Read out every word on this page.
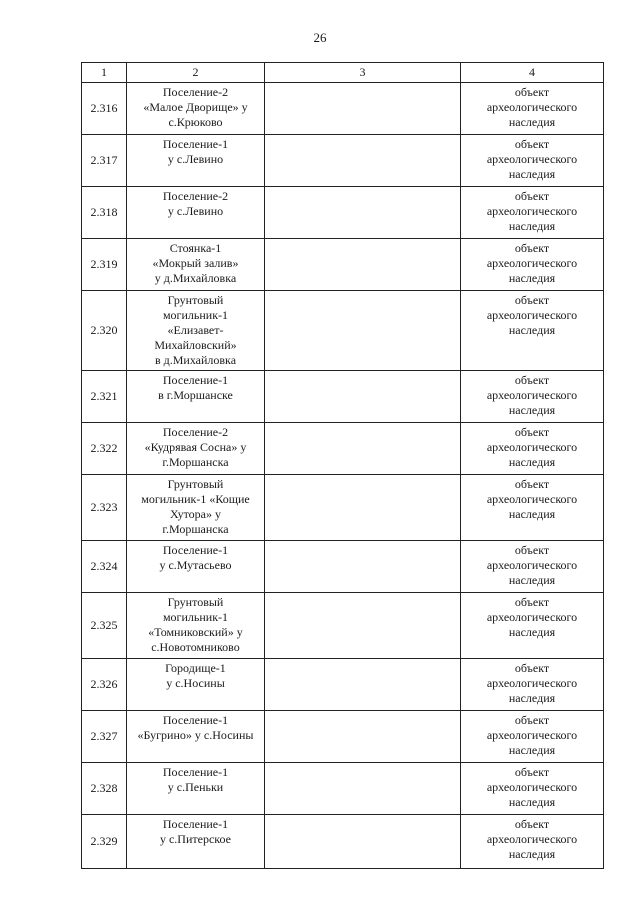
26
1	2	3	4
2.316	Поселение-2
«Малое Дворище» у
с.Крюково		объект
археологического
наследия

2.317	Поселение-1
у с.Левино		объект
археологического
наследия

2.318	Поселение-2
у с.Левино		объект
археологического
наследия

2.319	Стоянка-1
«Мокрый залив»
у д.Михайловка		объект
археологического
наследия

2.320	Грунтовый
могильник-1
«Елизавет-
Михайловский»
в д.Михайловка		объект
археологического
наследия

2.321	Поселение-1
в г.Моршанске		объект
археологического
наследия

2.322	Поселение-2
«Кудрявая Сосна» у
г.Моршанска		объект
археологического
наследия

2.323	Грунтовый
могильник-1 «Кощие
Хутора» у
г.Моршанска		объект
археологического
наследия

2.324	Поселение-1
у с.Мутасьево		объект
археологического
наследия

2.325	Грунтовый
могильник-1
«Томниковский» у
с.Новотомниково		объект
археологического
наследия

2.326	Городище-1
у с.Носины		объект
археологического
наследия

2.327	Поселение-1
«Бугрино» у с.Носины		объект
археологического
наследия

2.328	Поселение-1
у с.Пеньки		объект
археологического
наследия

2.329	Поселение-1
у с.Питерское		объект
археологического
наследия
